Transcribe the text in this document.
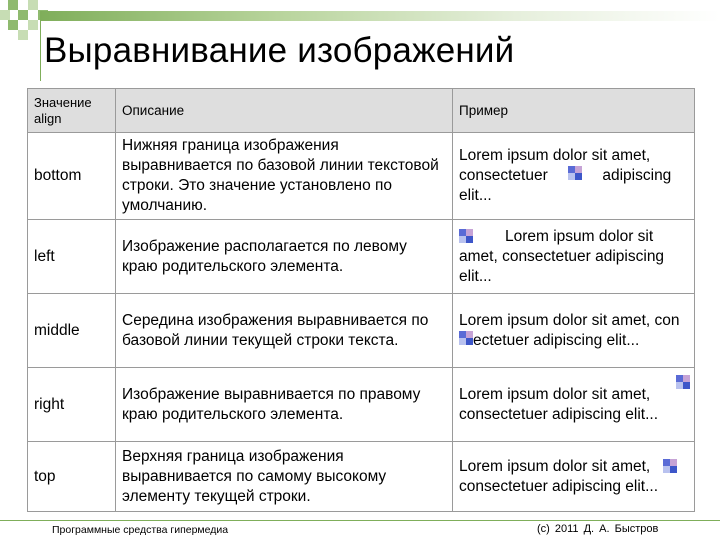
Выравнивание изображений
Значение
align	Описание	Пример
bottom	Нижняя граница изображения выравнивается по базовой линии текстовой строки. Это значение установлено по умолчанию.	Lorem ipsum dolor sit amet, consectetuer adipiscing elit...

left	Изображение располагается по левому краю родительского элемента.	Lorem ipsum dolor sit amet, consectetuer adipiscing elit...

middle	Середина изображения выравнивается по базовой линии текущей строки текста.	Lorem ipsum dolor sit amet, conectetuer adipiscing elit...

right	Изображение выравнивается по правому краю родительского элемента.	Lorem ipsum dolor sit amet, consectetuer adipiscing elit...

top	Верхняя граница изображения выравнивается по самому высокому элементу текущей строки.	Lorem ipsum dolor sit amet,  consectetuer adipiscing elit...
Программные средства гипермедиа	(c) 2011 Д. А. Быстров
